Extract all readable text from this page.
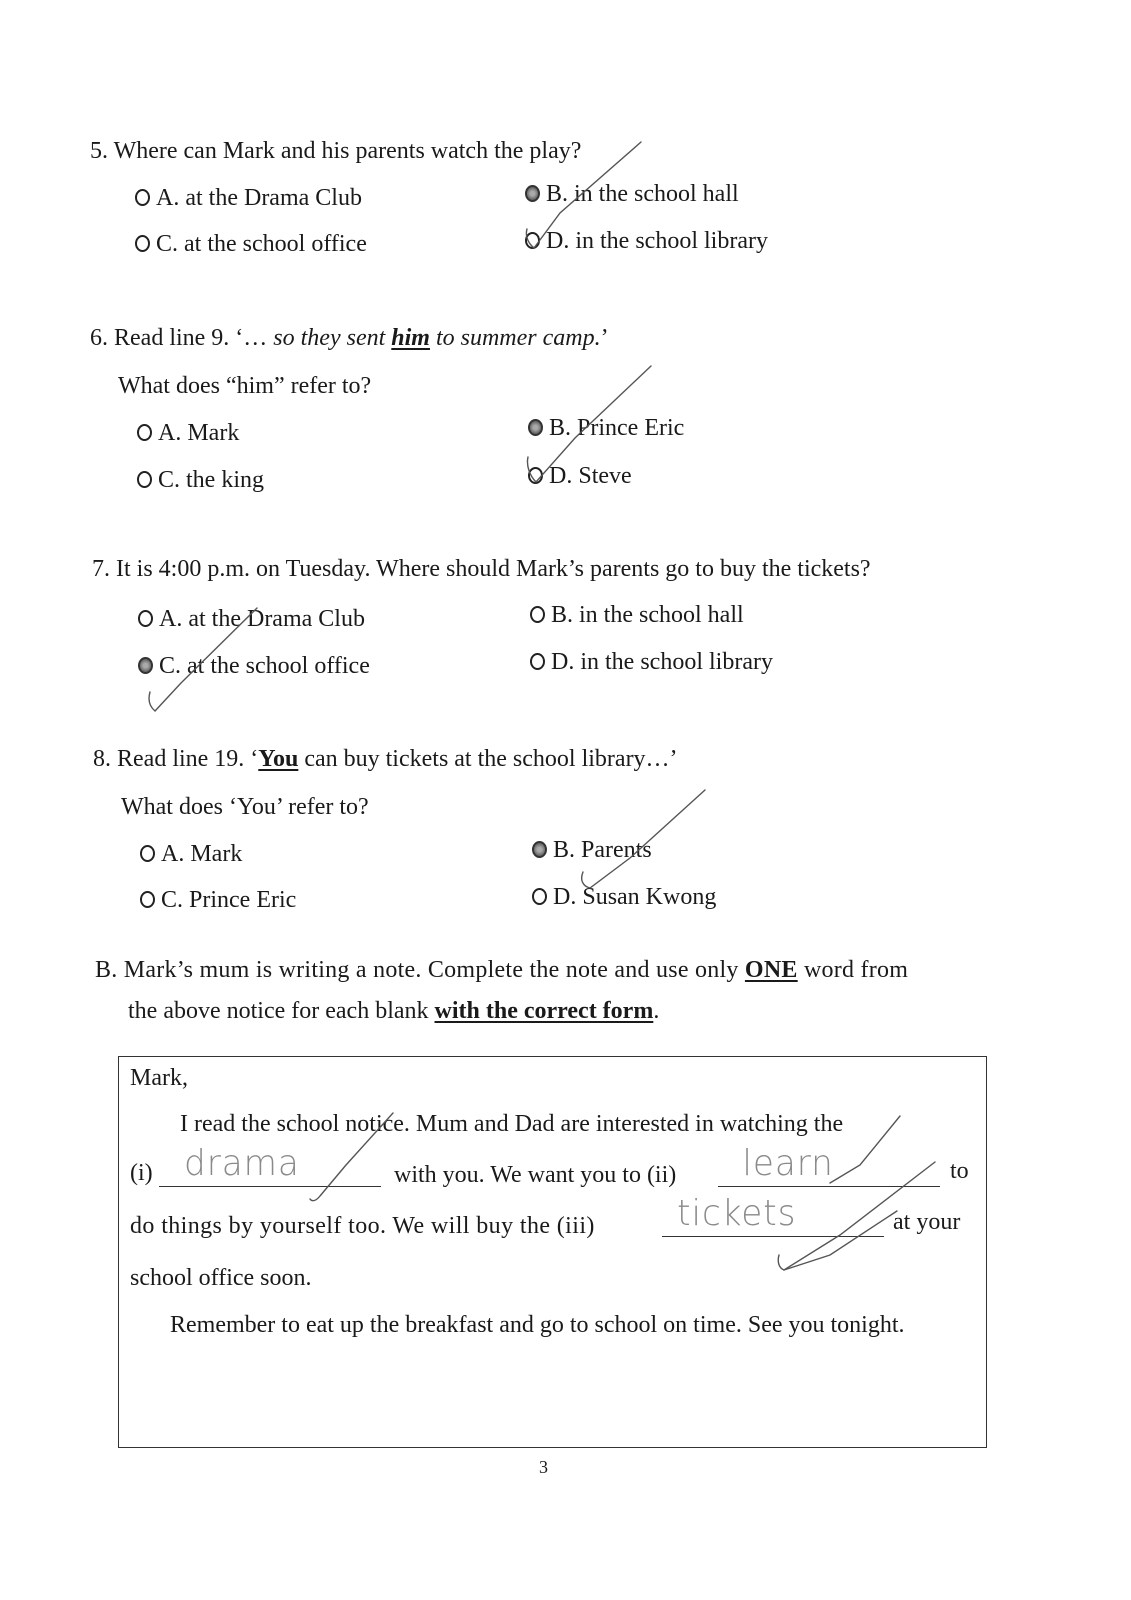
5. Where can Mark and his parents watch the play?
A. at the Drama Club	B. in the school hall
C. at the school office	D. in the school library
6. Read line 9. ‘… so they sent him to summer camp.’
What does “him” refer to?
A. Mark	B. Prince Eric
C. the king	D. Steve
7. It is 4:00 p.m. on Tuesday. Where should Mark’s parents go to buy the tickets?
A. at the Drama Club	B. in the school hall
C. at the school office	D. in the school library
8. Read line 19. ‘You can buy tickets at the school library…’
What does ‘You’ refer to?
A. Mark	B. Parents
C. Prince Eric	D. Susan Kwong
B. Mark’s mum is writing a note. Complete the note and use only ONE word from
the above notice for each blank with the correct form.
Mark,
I read the school notice. Mum and Dad are interested in watching the
(i) drama	with you. We want you to (ii) learn	to
do things by yourself too. We will buy the (iii) tickets	at your
school office soon.
Remember to eat up the breakfast and go to school on time. See you tonight.
3
